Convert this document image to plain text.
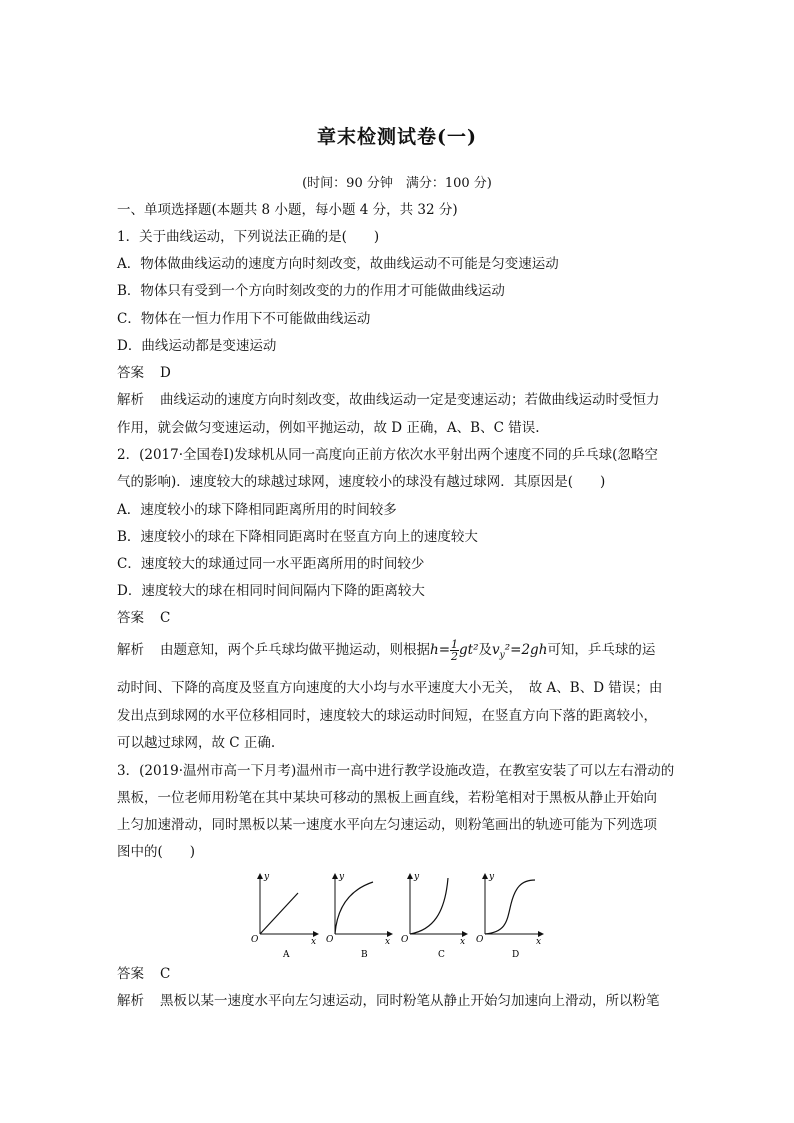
章末检测试卷(一)
(时间：90 分钟　满分：100 分)
一、单项选择题(本题共 8 小题，每小题 4 分，共 32 分)
1．关于曲线运动，下列说法正确的是(　　)
A．物体做曲线运动的速度方向时刻改变，故曲线运动不可能是匀变速运动
B．物体只有受到一个方向时刻改变的力的作用才可能做曲线运动
C．物体在一恒力作用下不可能做曲线运动
D．曲线运动都是变速运动
答案 D
解析 曲线运动的速度方向时刻改变，故曲线运动一定是变速运动；若做曲线运动时受恒力
作用，就会做匀变速运动，例如平抛运动，故 D 正确，A、B、C 错误.
2．(2017·全国卷Ⅰ)发球机从同一高度向正前方依次水平射出两个速度不同的乒乓球(忽略空
气的影响)．速度较大的球越过球网，速度较小的球没有越过球网．其原因是(　　)
A．速度较小的球下降相同距离所用的时间较多
B．速度较小的球在下降相同距离时在竖直方向上的速度较大
C．速度较大的球通过同一水平距离所用的时间较少
D．速度较大的球在相同时间间隔内下降的距离较大
答案 C
解析 由题意知，两个乒乓球均做平抛运动，则根据$h= \frac{1}{2} gt^2$及$v_y^2=2gh$可知，乒乓球的运
动时间、下降的高度及竖直方向速度的大小均与水平速度大小无关，　故 A、B、D 错误；由
发出点到球网的水平位移相同时，速度较大的球运动时间短，在竖直方向下落的距离较小，
可以越过球网，故 C 正确.
3．(2019·温州市高一下月考)温州市一高中进行教学设施改造，在教室安装了可以左右滑动的
黑板，一位老师用粉笔在其中某块可移动的黑板上画直线，若粉笔相对于黑板从静止开始向
上匀加速滑动，同时黑板以某一速度水平向左匀速运动，则粉笔画出的轨迹可能为下列选项
图中的(　　)
y
x
O
A
y
x
O
B
y
x
O
C
y
x
O
D
答案 C
解析 黑板以某一速度水平向左匀速运动，同时粉笔从静止开始匀加速向上滑动，所以粉笔
